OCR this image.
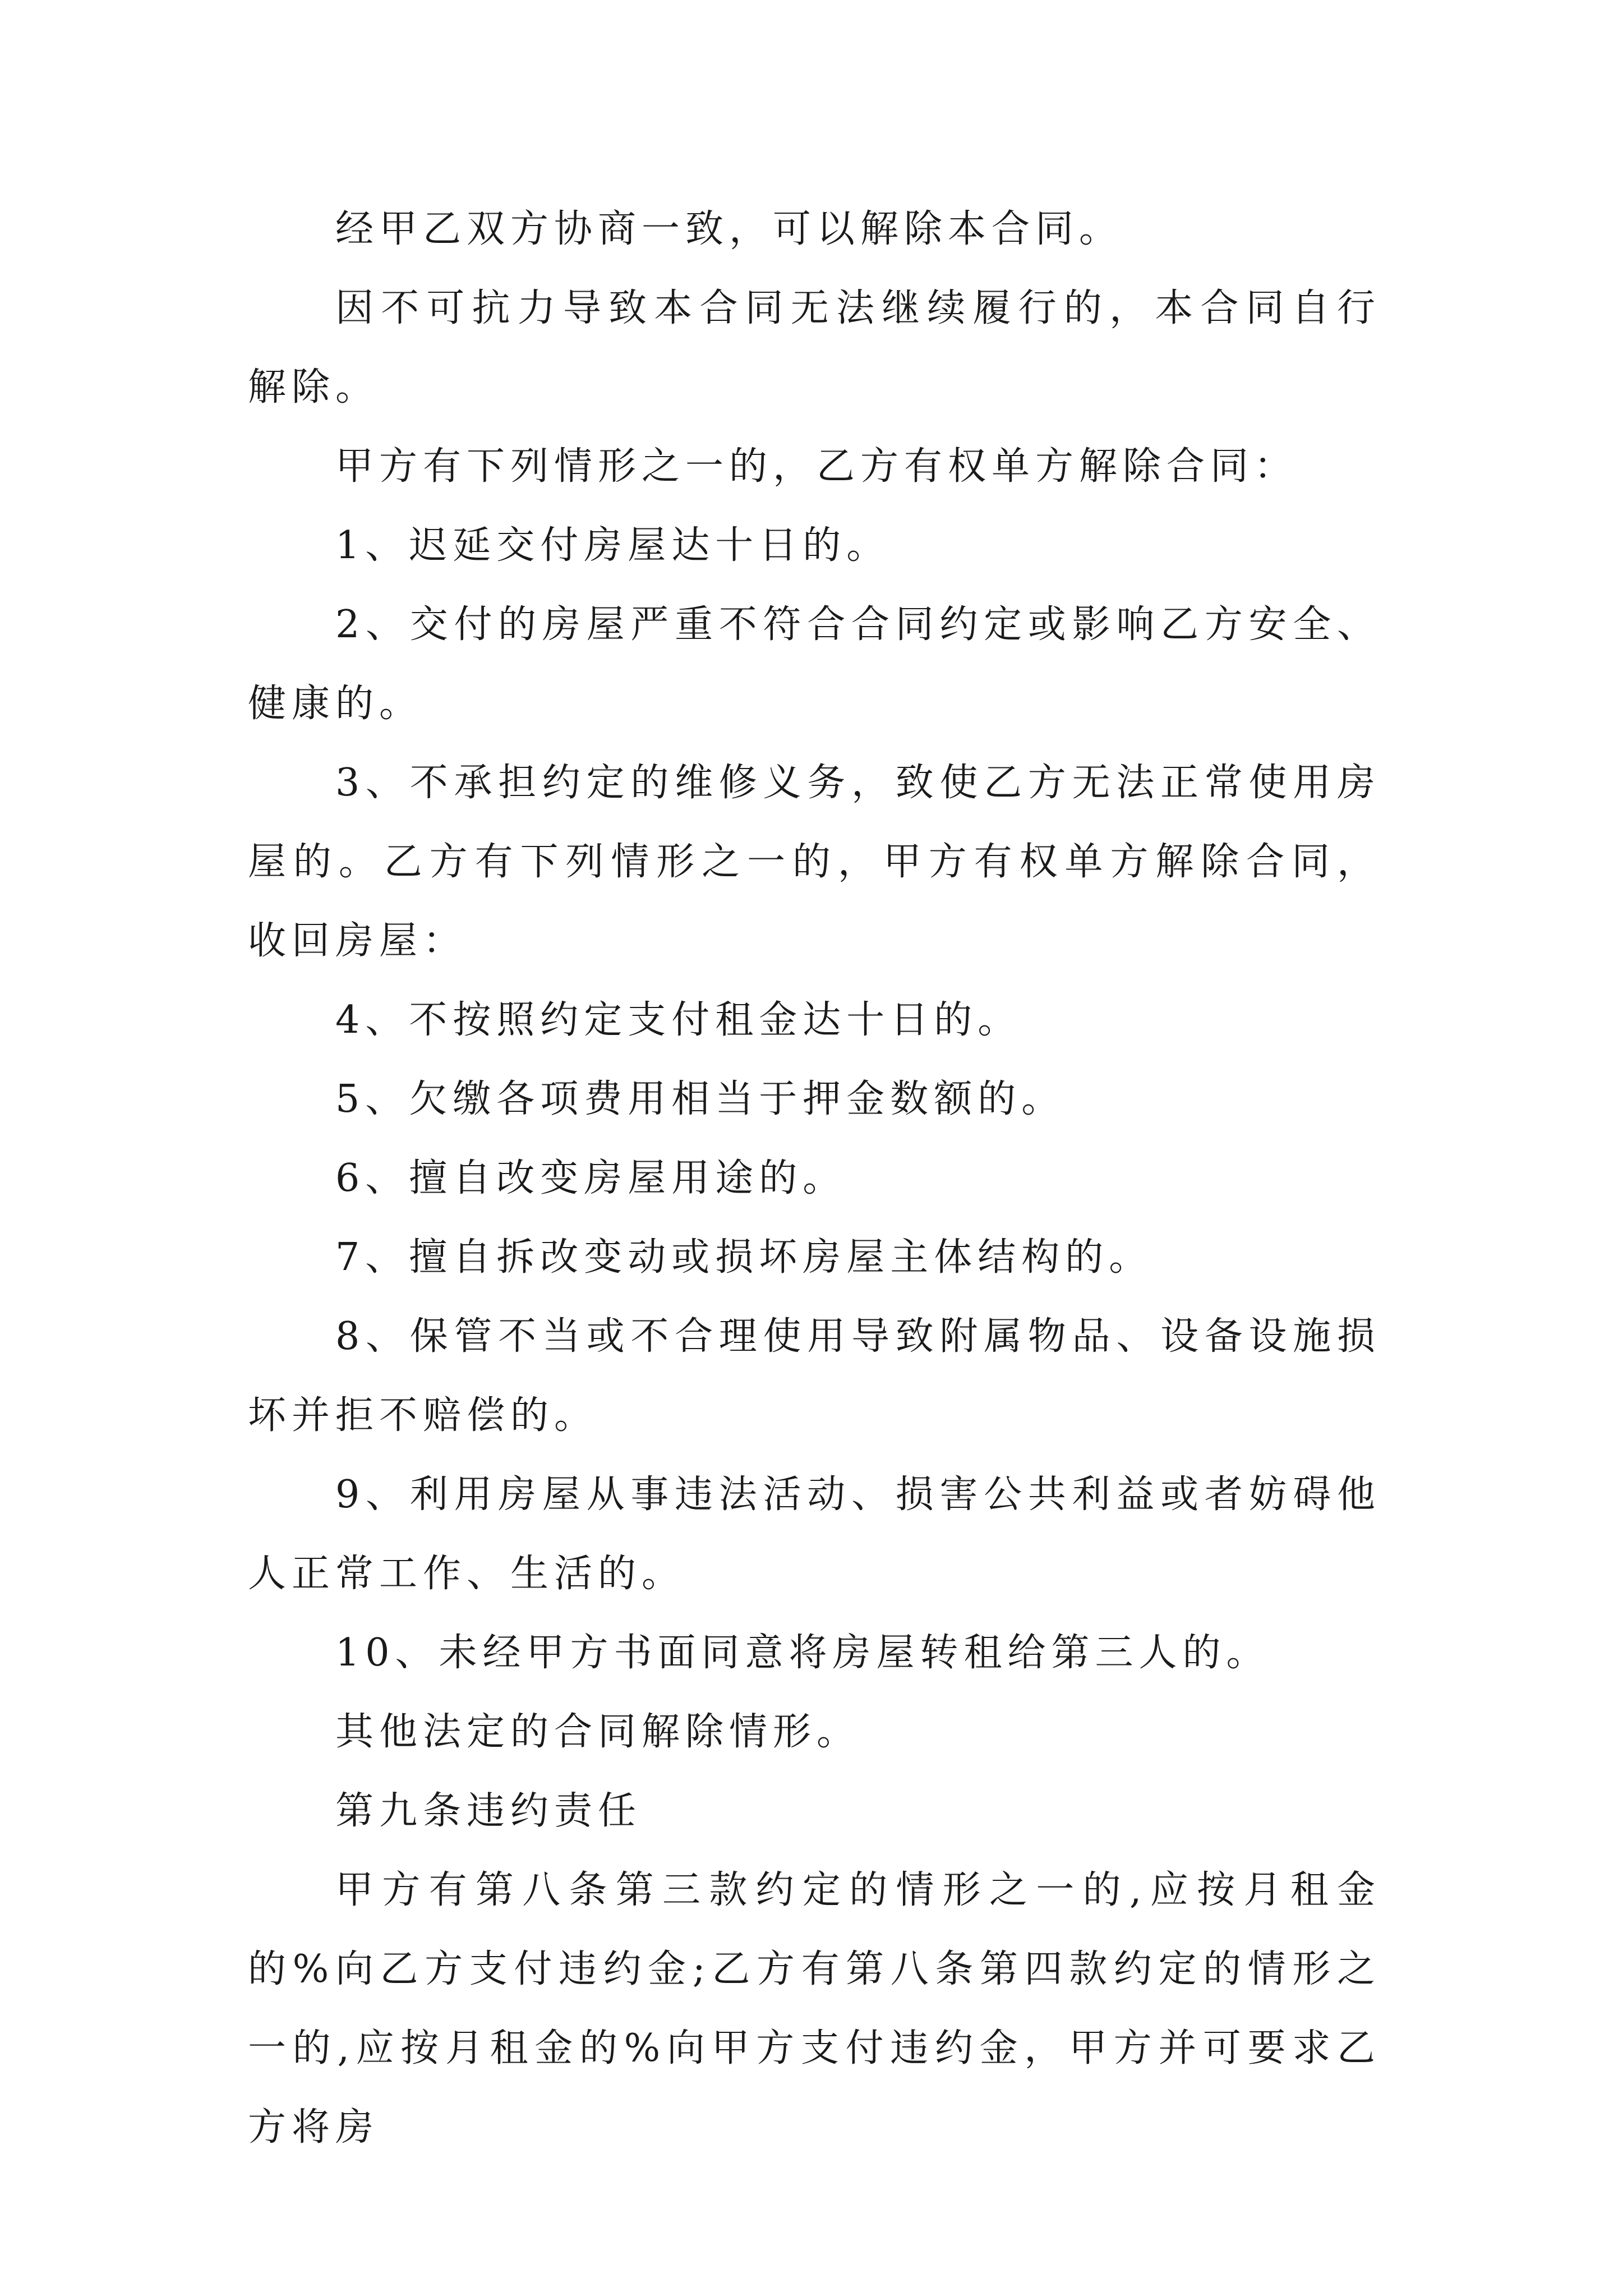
经甲乙双方协商一致，可以解除本合同。

因不可抗力导致本合同无法继续履行的，本合同自行解除。

甲方有下列情形之一的，乙方有权单方解除合同：

1、迟延交付房屋达十日的。

2、交付的房屋严重不符合合同约定或影响乙方安全、健康的。

3、不承担约定的维修义务，致使乙方无法正常使用房屋的。乙方有下列情形之一的，甲方有权单方解除合同，收回房屋：

4、不按照约定支付租金达十日的。

5、欠缴各项费用相当于押金数额的。

6、擅自改变房屋用途的。

7、擅自拆改变动或损坏房屋主体结构的。

8、保管不当或不合理使用导致附属物品、设备设施损坏并拒不赔偿的。

9、利用房屋从事违法活动、损害公共利益或者妨碍他人正常工作、生活的。

10、未经甲方书面同意将房屋转租给第三人的。

其他法定的合同解除情形。

第九条违约责任

甲方有第八条第三款约定的情形之一的,应按月租金的%向乙方支付违约金;乙方有第八条第四款约定的情形之一的,应按月租金的%向甲方支付违约金，甲方并可要求乙方将房
